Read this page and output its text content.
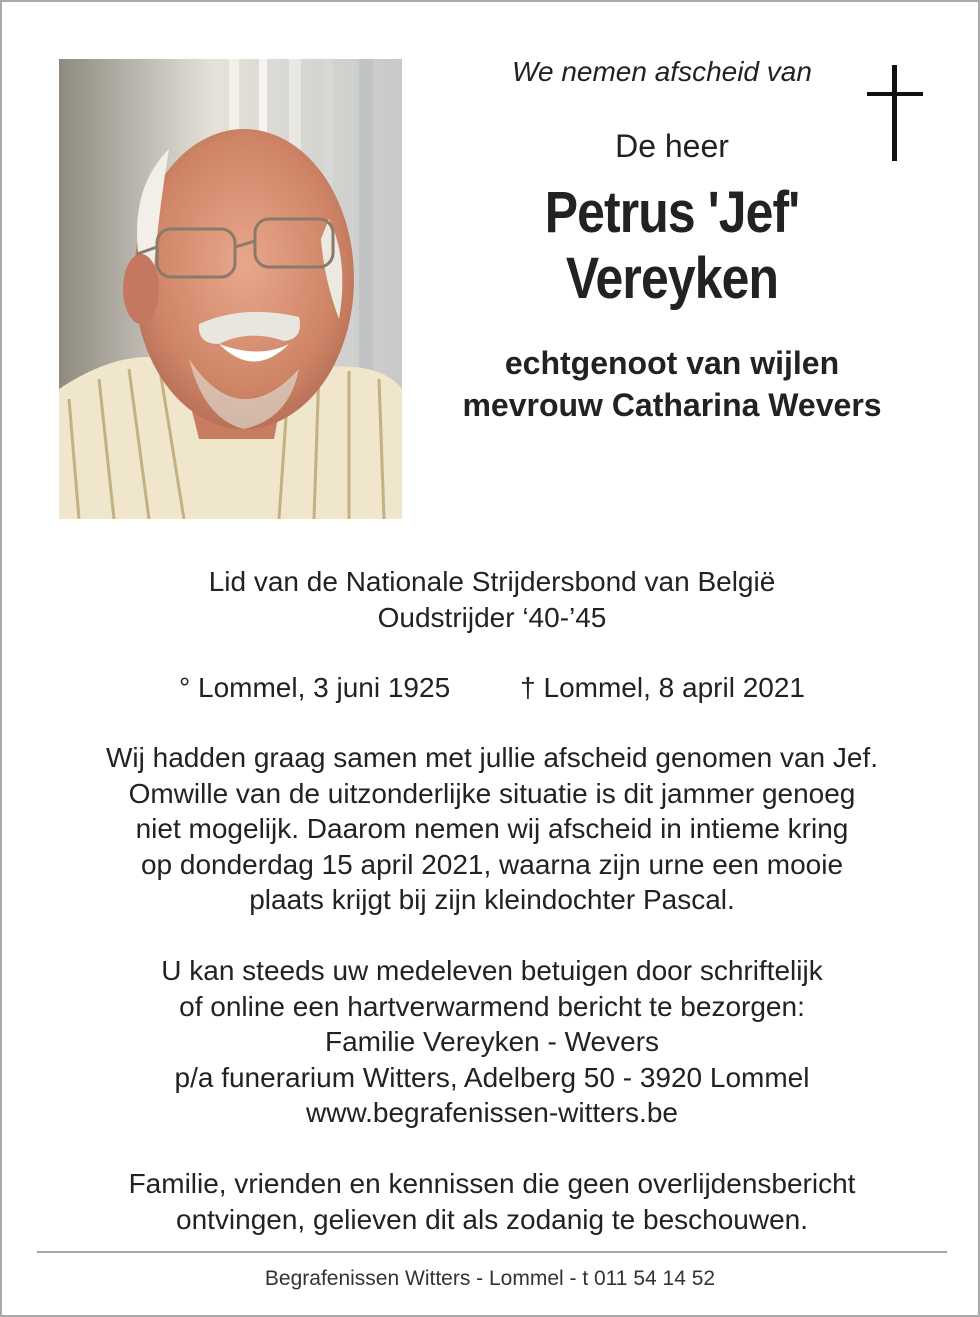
We nemen afscheid van

De heer

Petrus 'Jef'
Vereyken
echtgenoot van wijlen
mevrouw Catharina Wevers

Lid van de Nationale Strijdersbond van België

Oudstrijder ‘40-’45

° Lommel, 3 juni 1925	† Lommel, 8 april 2021

Wij hadden graag samen met jullie afscheid genomen van Jef.

Omwille van de uitzonderlijke situatie is dit jammer genoeg

niet mogelijk. Daarom nemen wij afscheid in intieme kring

op donderdag 15 april 2021, waarna zijn urne een mooie

plaats krijgt bij zijn kleindochter Pascal.

U kan steeds uw medeleven betuigen door schriftelijk

of online een hartverwarmend bericht te bezorgen:

Familie Vereyken - Wevers

p/a funerarium Witters, Adelberg 50 - 3920 Lommel

www.begrafenissen-witters.be

Familie, vrienden en kennissen die geen overlijdensbericht

ontvingen, gelieven dit als zodanig te beschouwen.

Begrafenissen Witters - Lommel - t 011 54 14 52
